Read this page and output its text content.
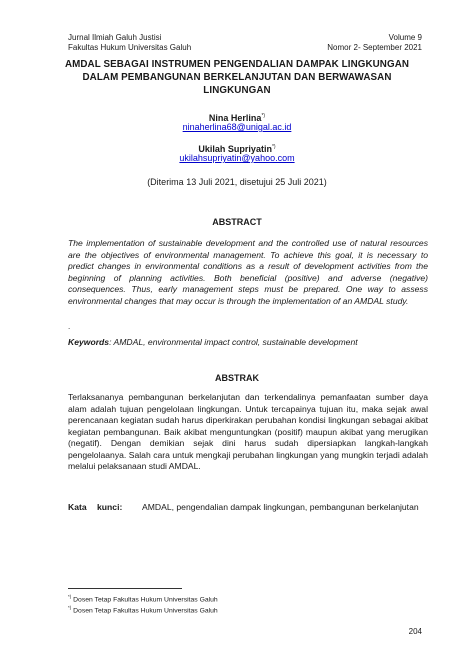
Jurnal Ilmiah Galuh Justisi
Fakultas Hukum Universitas Galuh
Volume 9
Nomor 2- September 2021
AMDAL SEBAGAI INSTRUMEN PENGENDALIAN DAMPAK LINGKUNGAN DALAM PEMBANGUNAN BERKELANJUTAN DAN BERWAWASAN LINGKUNGAN
Nina Herlina*)
ninaherlina68@unigal.ac.id
Ukilah Supriyatin*)
ukilahsupriyatin@yahoo.com
(Diterima 13 Juli 2021, disetujui 25 Juli 2021)
ABSTRACT
The implementation of sustainable development and the controlled use of natural resources are the objectives of environmental management. To achieve this goal, it is necessary to predict changes in environmental conditions as a result of development activities from the beginning of planning activities. Both beneficial (positive) and adverse (negative) consequences. Thus, early management steps must be prepared. One way to assess environmental changes that may occur is through the implementation of an AMDAL study.
.
Keywords: AMDAL, environmental impact control, sustainable development
ABSTRAK
Terlaksananya pembangunan berkelanjutan dan terkendalinya pemanfaatan sumber daya alam adalah tujuan pengelolaan lingkungan. Untuk tercapainya tujuan itu, maka sejak awal perencanaan kegiatan sudah harus diperkirakan perubahan kondisi lingkungan sebagai akibat kegiatan pembangunan. Baik akibat menguntungkan (positif) maupun akibat yang merugikan (negatif). Dengan demikian sejak dini harus sudah dipersiapkan langkah-langkah pengelolaanya. Salah cara untuk mengkaji perubahan lingkungan yang mungkin terjadi adalah melalui pelaksanaan studi AMDAL.
Kata kunci: AMDAL, pengendalian dampak lingkungan, pembangunan berkelanjutan
*) Dosen Tetap Fakultas Hukum Universitas Galuh
*) Dosen Tetap Fakultas Hukum Universitas Galuh
204
